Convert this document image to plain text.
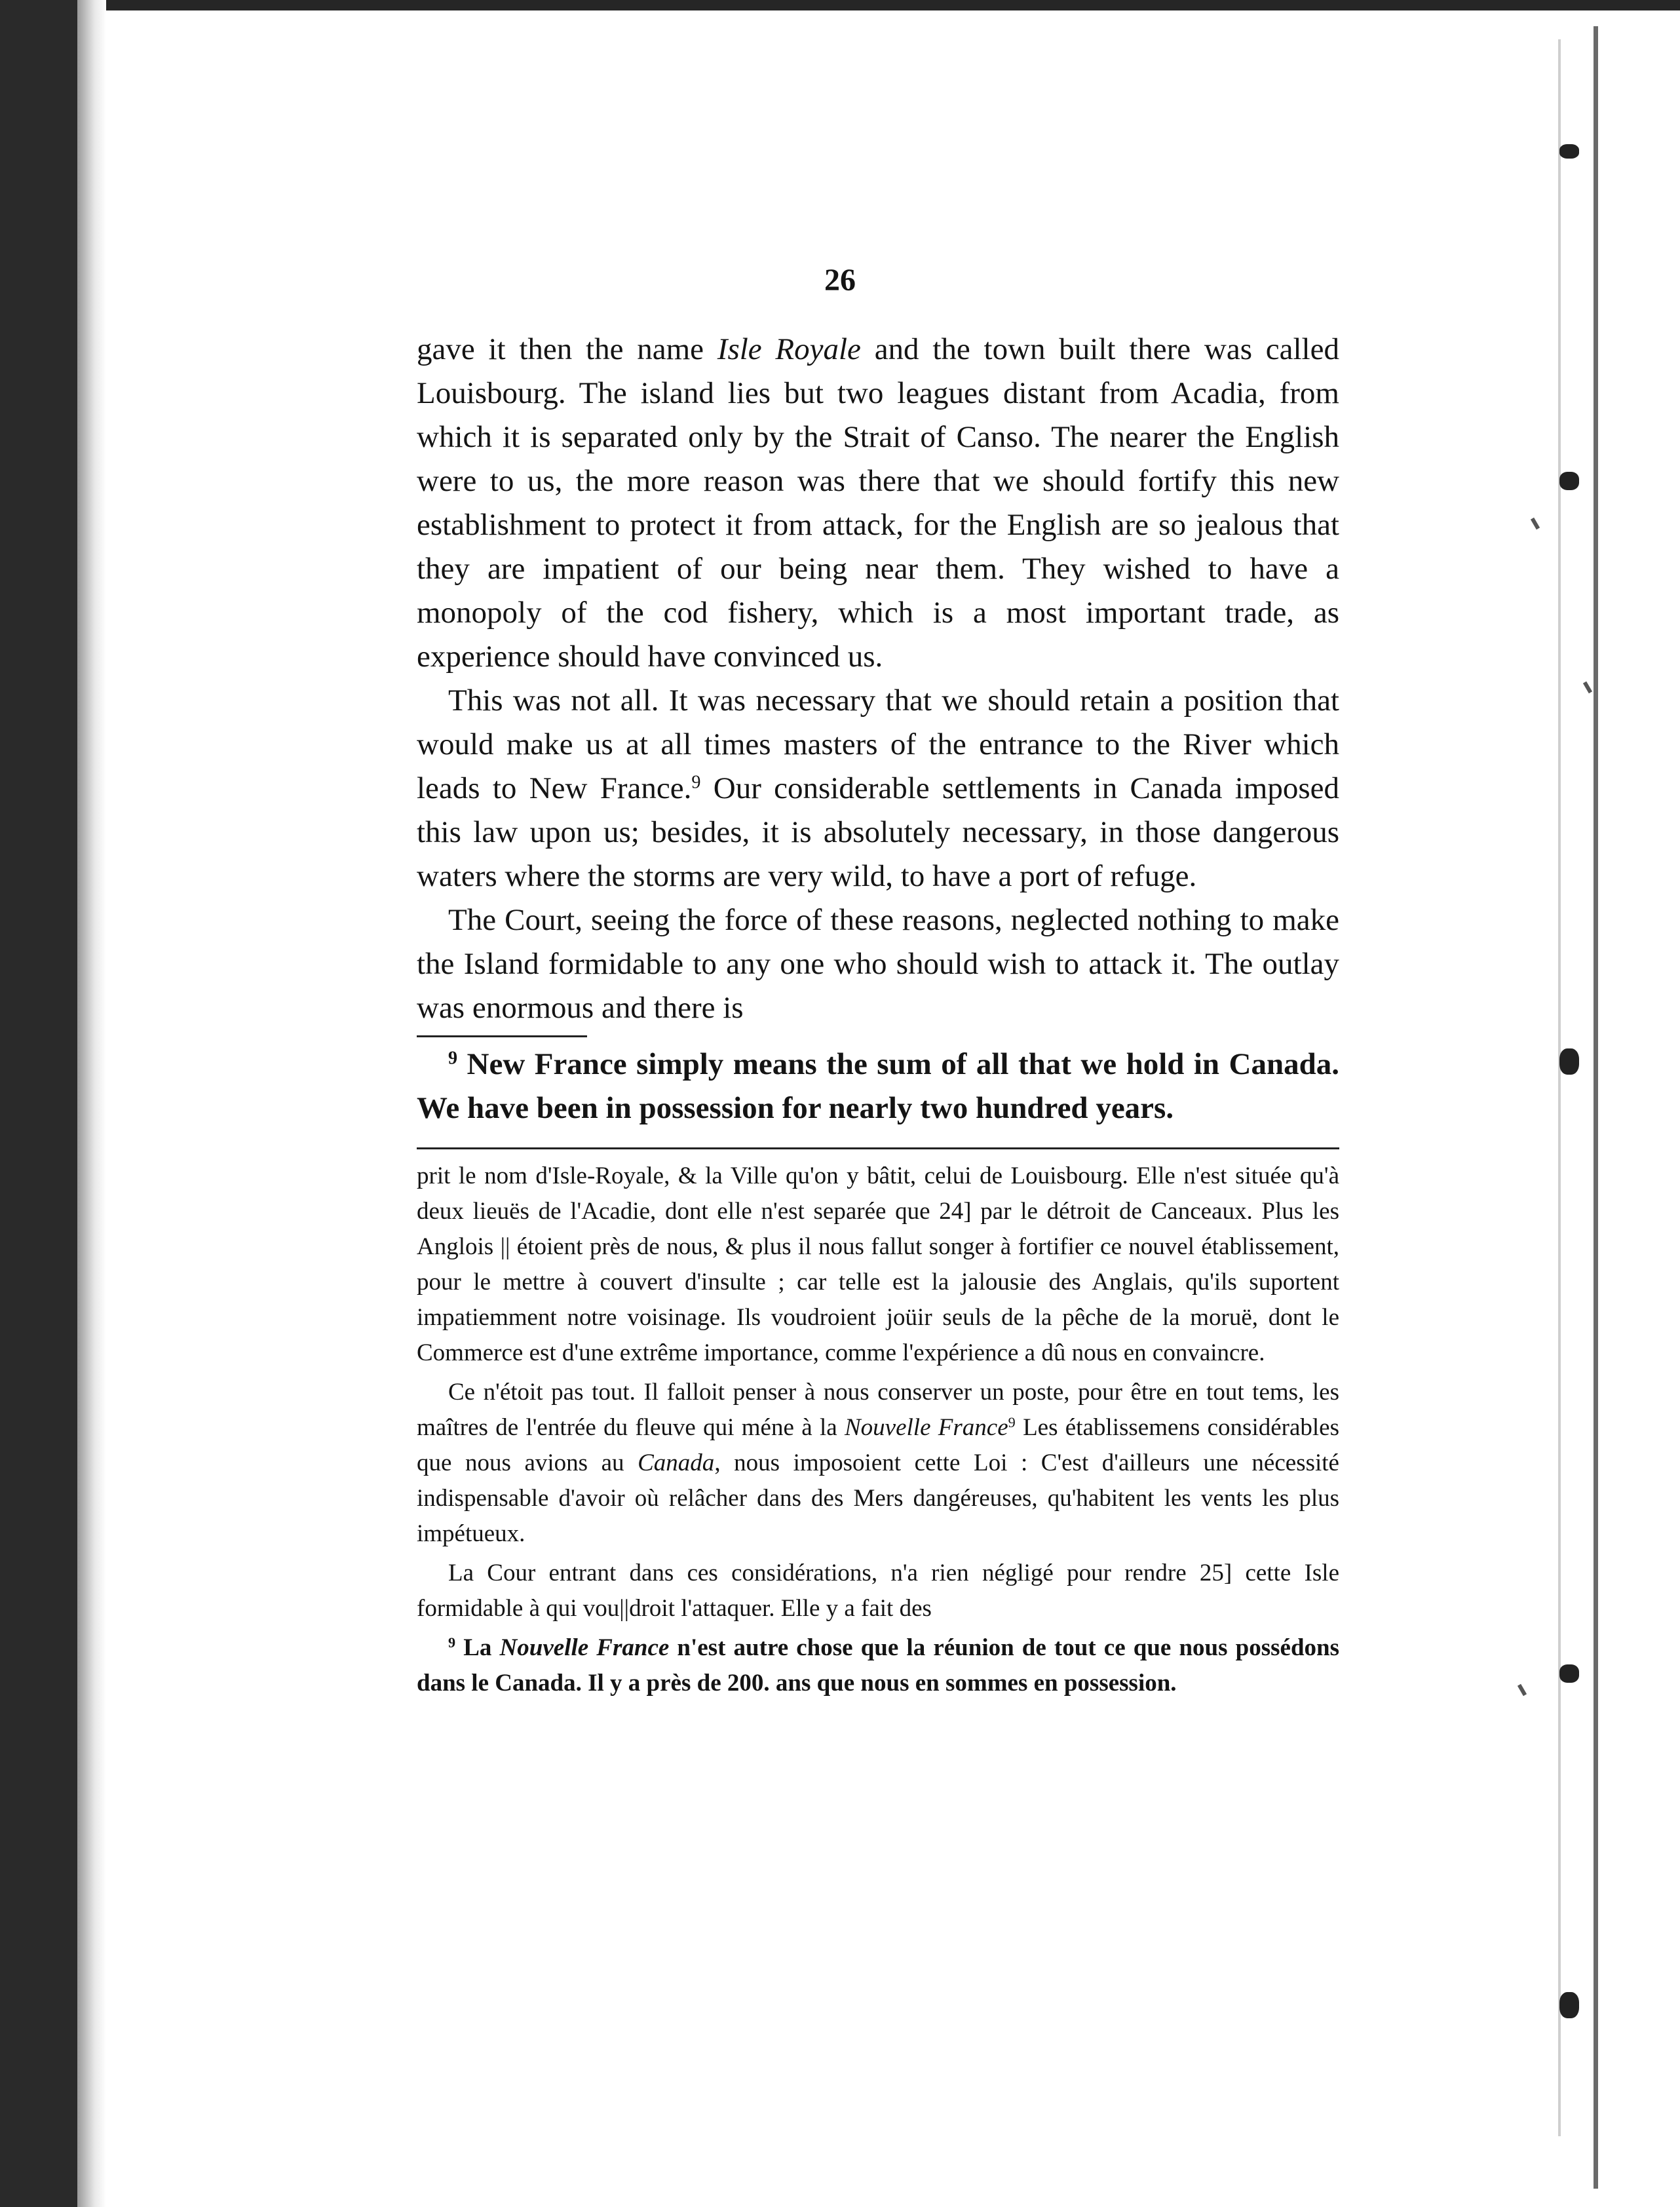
26

gave it then the name Isle Royale and the town built there was called Louisbourg. The island lies but two leagues distant from Acadia, from which it is separated only by the Strait of Canso. The nearer the English were to us, the more reason was there that we should fortify this new establishment to protect it from attack, for the English are so jealous that they are impatient of our being near them. They wished to have a monopoly of the cod fishery, which is a most important trade, as experience should have convinced us.

This was not all. It was necessary that we should retain a position that would make us at all times masters of the entrance to the River which leads to New France.$^9$ Our considerable settlements in Canada imposed this law upon us; besides, it is absolutely necessary, in those dangerous waters where the storms are very wild, to have a port of refuge.

The Court, seeing the force of these reasons, neglected nothing to make the Island formidable to any one who should wish to attack it. The outlay was enormous and there is

$^9$ New France simply means the sum of all that we hold in Canada. We have been in possession for nearly two hundred years.

prit le nom d'Isle-Royale, & la Ville qu'on y bâtit, celui de Louisbourg. Elle n'est située qu'à deux lieuës de l'Acadie, dont elle n'est separée que 24] par le détroit de Canceaux. Plus les Anglois || étoient près de nous, & plus il nous fallut songer à fortifier ce nouvel établissement, pour le mettre à couvert d'insulte ; car telle est la jalousie des Anglais, qu'ils suportent impatiemment notre voisinage. Ils voudroient joüir seuls de la pêche de la moruë, dont le Commerce est d'une extrême importance, comme l'expérience a dû nous en convaincre.

Ce n'étoit pas tout. Il falloit penser à nous conserver un poste, pour être en tout tems, les maîtres de l'entrée du fleuve qui méne à la Nouvelle France$^9$ Les établissemens considérables que nous avions au Canada, nous imposoient cette Loi : C'est d'ailleurs une nécessité indispensable d'avoir où relâcher dans des Mers dangéreuses, qu'habitent les vents les plus impétueux.

La Cour entrant dans ces considérations, n'a rien négligé pour rendre 25] cette Isle formidable à qui vou||droit l'attaquer. Elle y a fait des

$^9$ La Nouvelle France n'est autre chose que la réunion de tout ce que nous possédons dans le Canada. Il y a près de 200. ans que nous en sommes en possession.
